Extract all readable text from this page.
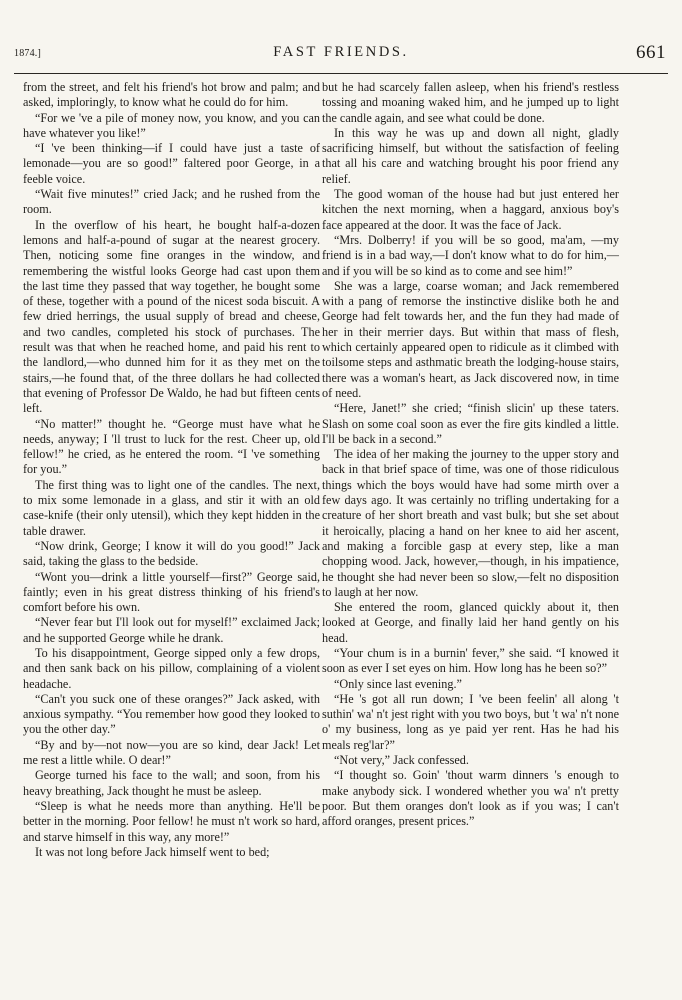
1874.]	FAST FRIENDS.	661

from the street, and felt his friend's hot brow and palm; and asked, imploringly, to know what he could do for him.

“For we 've a pile of money now, you know, and you can have whatever you like!”

“I 've been thinking—if I could have just a taste of lemonade—you are so good!” faltered poor George, in a feeble voice.

“Wait five minutes!” cried Jack; and he rushed from the room.

In the overflow of his heart, he bought half-a-dozen lemons and half-a-pound of sugar at the nearest grocery. Then, noticing some fine oranges in the window, and remembering the wistful looks George had cast upon them the last time they passed that way together, he bought some of these, together with a pound of the nicest soda biscuit. A few dried herrings, the usual supply of bread and cheese, and two candles, completed his stock of purchases. The result was that when he reached home, and paid his rent to the landlord,—who dunned him for it as they met on the stairs,—he found that, of the three dollars he had collected that evening of Professor De Waldo, he had but fifteen cents left.

“No matter!” thought he. “George must have what he needs, anyway; I 'll trust to luck for the rest. Cheer up, old fellow!” he cried, as he entered the room. “I 've something for you.”

The first thing was to light one of the candles. The next, to mix some lemonade in a glass, and stir it with an old case-knife (their only utensil), which they kept hidden in the table drawer.

“Now drink, George; I know it will do you good!” Jack said, taking the glass to the bedside.

“Wont you—drink a little yourself—first?” George said, faintly; even in his great distress thinking of his friend's comfort before his own.

“Never fear but I'll look out for myself!” exclaimed Jack; and he supported George while he drank.

To his disappointment, George sipped only a few drops, and then sank back on his pillow, complaining of a violent headache.

“Can't you suck one of these oranges?” Jack asked, with anxious sympathy. “You remember how good they looked to you the other day.”

“By and by—not now—you are so kind, dear Jack! Let me rest a little while. O dear!”

George turned his face to the wall; and soon, from his heavy breathing, Jack thought he must be asleep.

“Sleep is what he needs more than anything. He'll be better in the morning. Poor fellow! he must n't work so hard, and starve himself in this way, any more!”

It was not long before Jack himself went to bed;

but he had scarcely fallen asleep, when his friend's restless tossing and moaning waked him, and he jumped up to light the candle again, and see what could be done.

In this way he was up and down all night, gladly sacrificing himself, but without the satisfaction of feeling that all his care and watching brought his poor friend any relief.

The good woman of the house had but just entered her kitchen the next morning, when a haggard, anxious boy's face appeared at the door. It was the face of Jack.

“Mrs. Dolberry! if you will be so good, ma'am, —my friend is in a bad way,—I don't know what to do for him,—and if you will be so kind as to come and see him!”

She was a large, coarse woman; and Jack remembered with a pang of remorse the instinctive dislike both he and George had felt towards her, and the fun they had made of her in their merrier days. But within that mass of flesh, which certainly appeared open to ridicule as it climbed with toilsome steps and asthmatic breath the lodging-house stairs, there was a woman's heart, as Jack discovered now, in time of need.

“Here, Janet!” she cried; “finish slicin' up these taters. Slash on some coal soon as ever the fire gits kindled a little. I'll be back in a second.”

The idea of her making the journey to the upper story and back in that brief space of time, was one of those ridiculous things which the boys would have had some mirth over a few days ago. It was certainly no trifling undertaking for a creature of her short breath and vast bulk; but she set about it heroically, placing a hand on her knee to aid her ascent, and making a forcible gasp at every step, like a man chopping wood. Jack, however,—though, in his impatience, he thought she had never been so slow,—felt no disposition to laugh at her now.

She entered the room, glanced quickly about it, then looked at George, and finally laid her hand gently on his head.

“Your chum is in a burnin' fever,” she said. “I knowed it soon as ever I set eyes on him. How long has he been so?”

“Only since last evening.”

“He 's got all run down; I 've been feelin' all along 't suthin' wa' n't jest right with you two boys, but 't wa' n't none o' my business, long as ye paid yer rent. Has he had his meals reg'lar?”

“Not very,” Jack confessed.

“I thought so. Goin' 'thout warm dinners 's enough to make anybody sick. I wondered whether you wa' n't pretty poor. But them oranges don't look as if you was; I can't afford oranges, present prices.”
